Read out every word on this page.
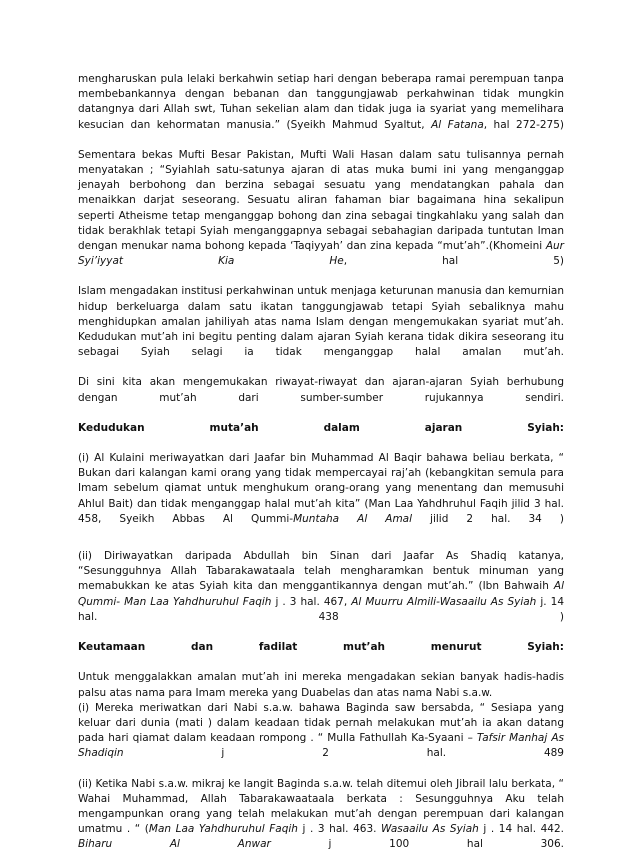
mengharuskan pula lelaki berkahwin setiap hari dengan beberapa ramai perempuan tanpa membebankannya dengan bebanan dan tanggungjawab perkahwinan tidak mungkin datangnya dari Allah swt, Tuhan sekelian alam dan tidak juga ia syariat yang memelihara kesucian dan kehormatan manusia.” (Syeikh Mahmud Syaltut, Al Fatana, hal 272-275)

Sementara bekas Mufti Besar Pakistan, Mufti Wali Hasan dalam satu tulisannya pernah menyatakan ; “Syiahlah satu-satunya ajaran di atas muka bumi ini yang menganggap jenayah berbohong dan berzina sebagai sesuatu yang mendatangkan pahala dan menaikkan darjat seseorang. Sesuatu aliran fahaman biar bagaimana hina sekalipun seperti Atheisme tetap menganggap bohong dan zina sebagai tingkahlaku yang salah dan tidak berakhlak tetapi Syiah menganggapnya sebagai sebahagian daripada tuntutan Iman dengan menukar nama bohong kepada ‘Taqiyyah’ dan zina kepada “mut’ah”.(Khomeini Aur Syi’iyyat Kia He, hal 5)

Islam mengadakan institusi perkahwinan untuk menjaga keturunan manusia dan kemurnian hidup berkeluarga dalam satu ikatan tanggungjawab tetapi Syiah sebaliknya mahu menghidupkan amalan jahiliyah atas nama Islam dengan mengemukakan syariat mut’ah. Kedudukan mut’ah ini begitu penting dalam ajaran Syiah kerana tidak dikira seseorang itu sebagai Syiah selagi ia tidak menganggap halal amalan mut’ah.

Di sini kita akan mengemukakan riwayat-riwayat dan ajaran-ajaran Syiah berhubung dengan mut’ah dari sumber-sumber rujukannya sendiri.

Kedudukan muta’ah dalam ajaran Syiah:

(i) Al Kulaini meriwayatkan dari Jaafar bin Muhammad Al Baqir bahawa beliau berkata, “ Bukan dari kalangan kami orang yang tidak mempercayai raj’ah (kebangkitan semula para Imam sebelum qiamat untuk menghukum orang-orang yang menentang dan memusuhi Ahlul Bait) dan tidak menganggap halal mut’ah kita” (Man Laa Yahdhruhul Faqih jilid 3 hal. 458, Syeikh Abbas Al Qummi-Muntaha Al Amal jilid 2 hal. 34 )

(ii) Diriwayatkan daripada Abdullah bin Sinan dari Jaafar As Shadiq katanya, “Sesungguhnya Allah Tabarakawataala telah mengharamkan bentuk minuman yang memabukkan ke atas Syiah kita dan menggantikannya dengan mut’ah.” (Ibn Bahwaih Al Qummi- Man Laa Yahdhuruhul Faqih j . 3 hal. 467, Al Muurru Almili-Wasaailu As Syiah j. 14 hal. 438 )

Keutamaan dan fadilat mut’ah menurut Syiah:

Untuk menggalakkan amalan mut’ah ini mereka mengadakan sekian banyak hadis-hadis palsu atas nama para Imam mereka yang Duabelas dan atas nama Nabi s.a.w.

(i) Mereka meriwatkan dari Nabi s.a.w. bahawa Baginda saw bersabda, “ Sesiapa yang keluar dari dunia (mati ) dalam keadaan tidak pernah melakukan mut’ah ia akan datang pada hari qiamat dalam keadaan rompong . “ Mulla Fathullah Ka-Syaani – Tafsir Manhaj As Shadiqin j 2 hal. 489

(ii) Ketika Nabi s.a.w. mikraj ke langit Baginda s.a.w. telah ditemui oleh Jibrail lalu berkata, “ Wahai Muhammad, Allah Tabarakawaataala berkata : Sesungguhnya Aku telah mengampunkan orang yang telah melakukan mut’ah dengan perempuan dari kalangan umatmu . “ (Man Laa Yahdhuruhul Faqih j . 3 hal. 463. Wasaailu As Syiah j . 14 hal. 442. Biharu Al Anwar j 100 hal 306.
